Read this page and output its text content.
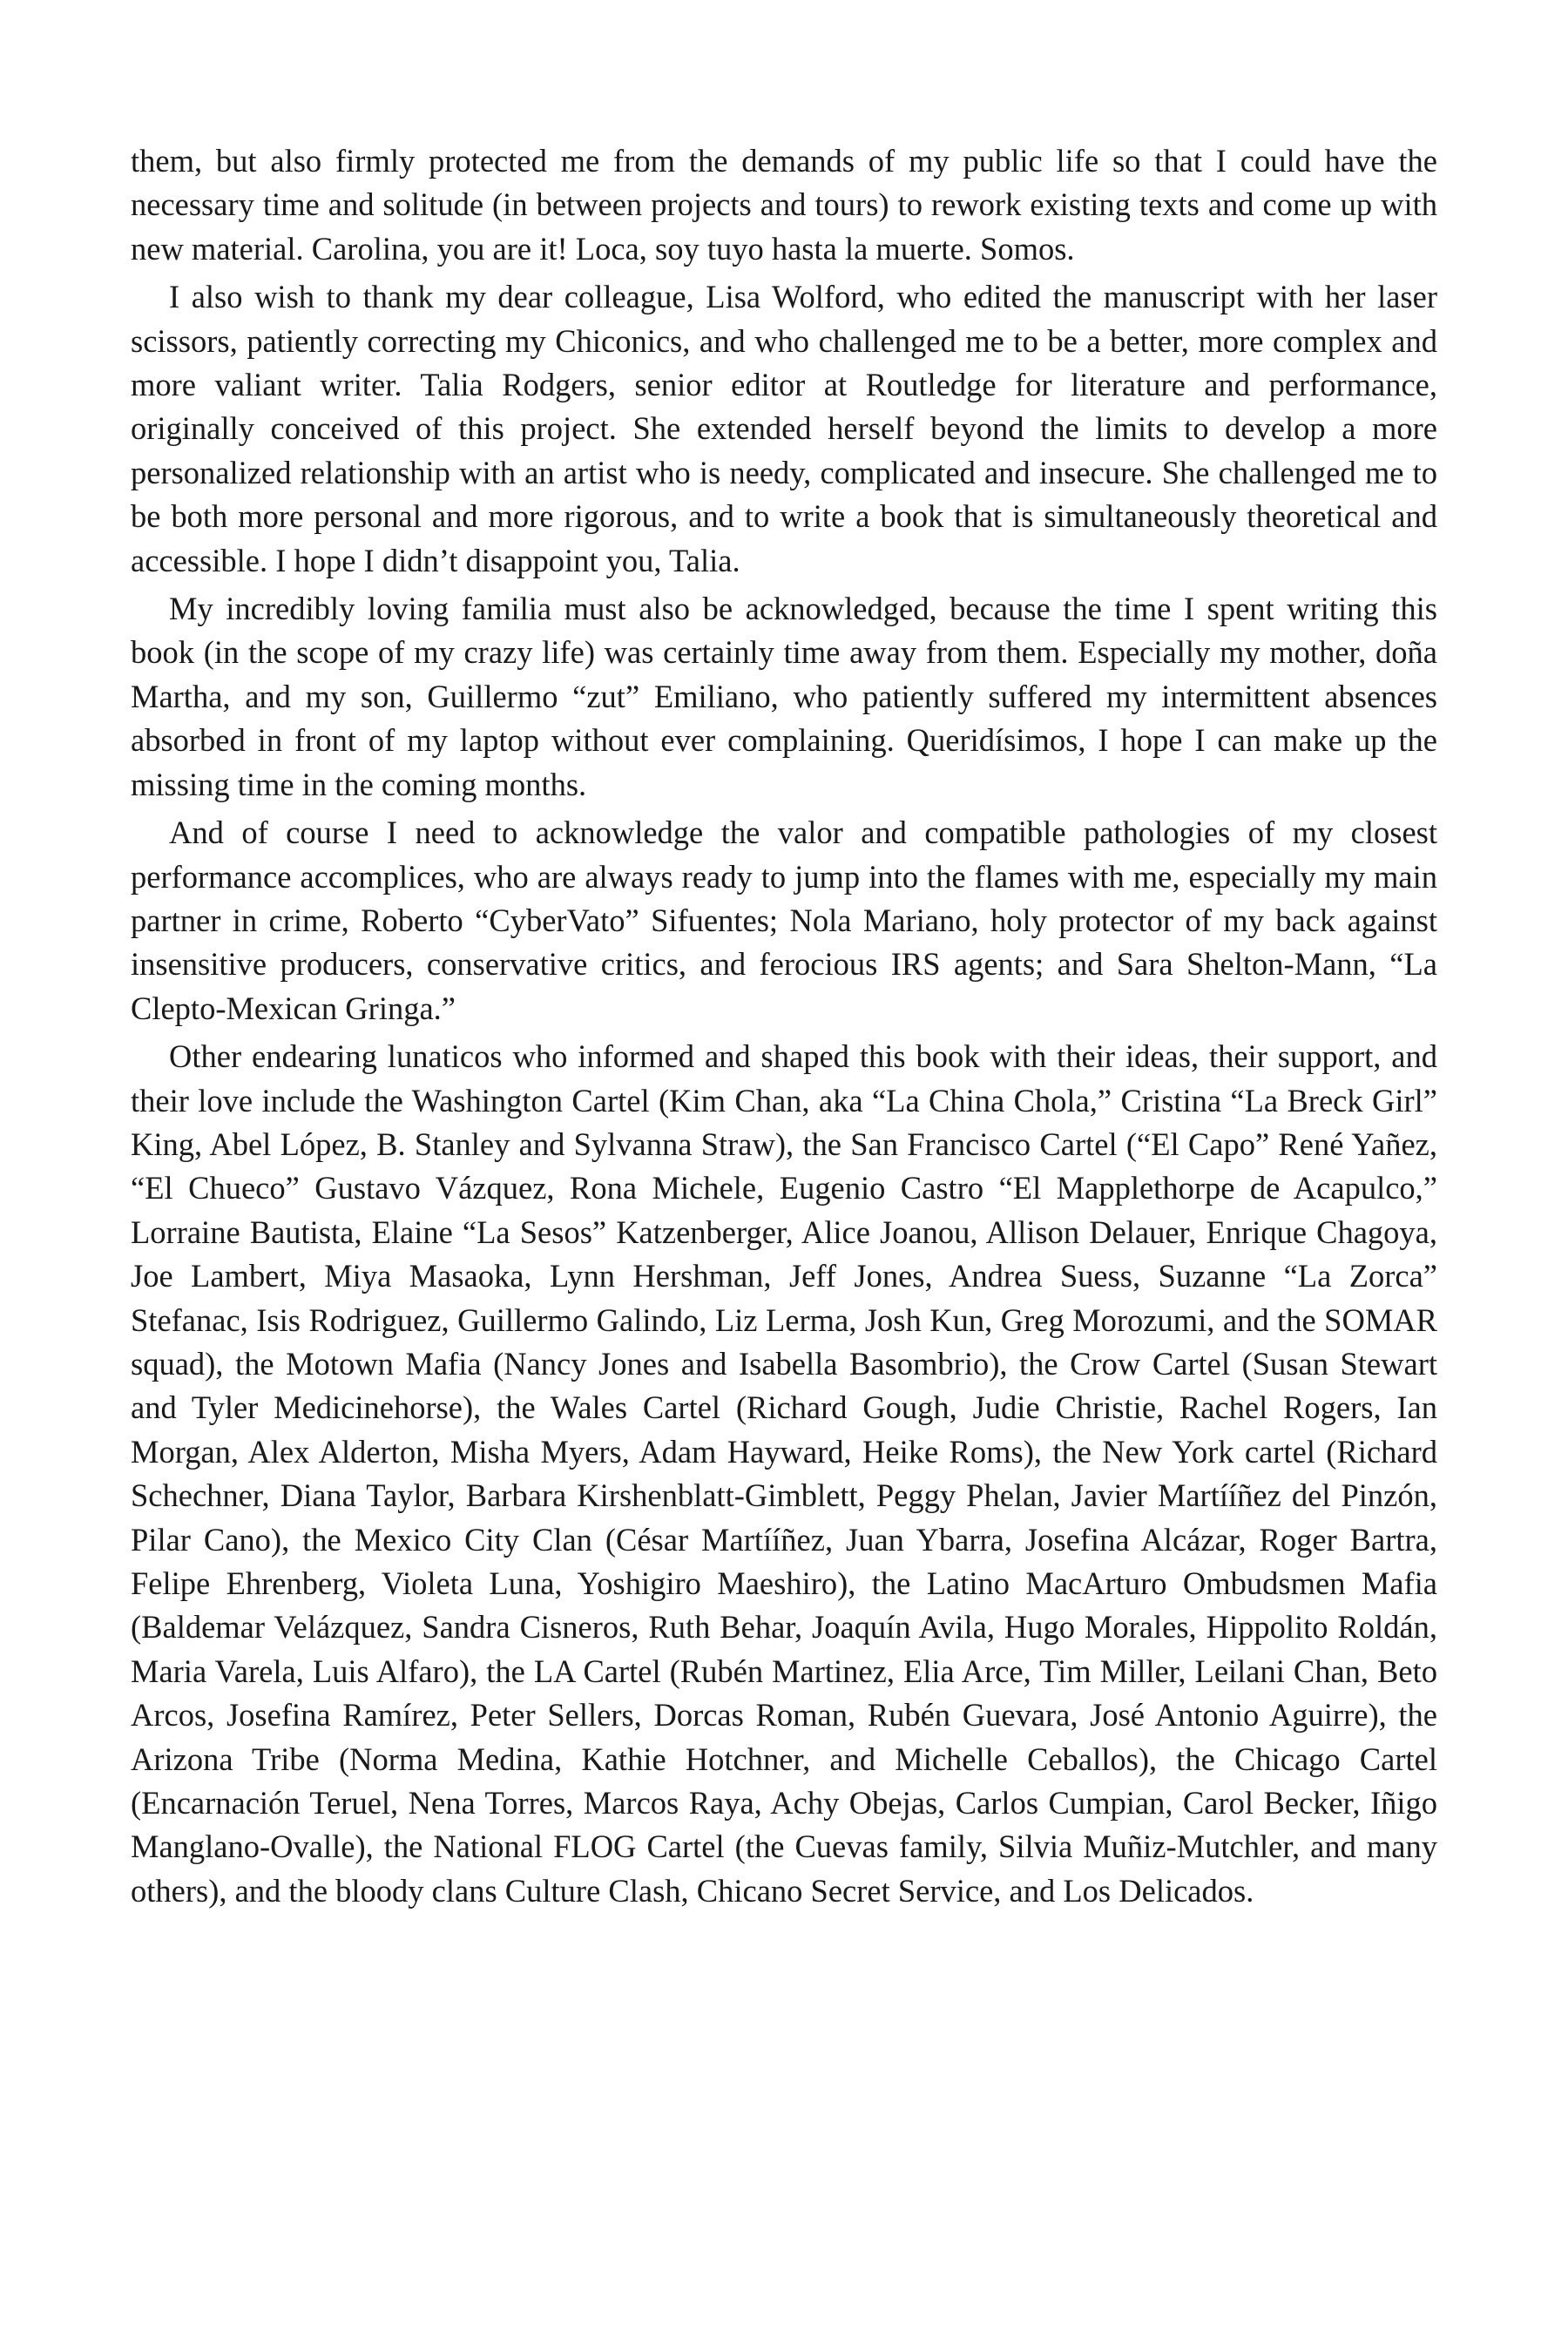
them, but also firmly protected me from the demands of my public life so that I could have the necessary time and solitude (in between projects and tours) to rework existing texts and come up with new material. Carolina, you are it! Loca, soy tuyo hasta la muerte. Somos.

I also wish to thank my dear colleague, Lisa Wolford, who edited the manuscript with her laser scissors, patiently correcting my Chiconics, and who challenged me to be a better, more complex and more valiant writer. Talia Rodgers, senior editor at Routledge for literature and performance, originally conceived of this project. She extended herself beyond the limits to develop a more personalized relationship with an artist who is needy, complicated and insecure. She challenged me to be both more personal and more rigorous, and to write a book that is simultaneously theoretical and accessible. I hope I didn’t disappoint you, Talia.

My incredibly loving familia must also be acknowledged, because the time I spent writing this book (in the scope of my crazy life) was certainly time away from them. Especially my mother, doña Martha, and my son, Guillermo “zut” Emiliano, who patiently suffered my intermittent absences absorbed in front of my laptop without ever complaining. Queridísimos, I hope I can make up the missing time in the coming months.

And of course I need to acknowledge the valor and compatible pathologies of my closest performance accomplices, who are always ready to jump into the flames with me, especially my main partner in crime, Roberto “CyberVato” Sifuentes; Nola Mariano, holy protector of my back against insensitive producers, conservative critics, and ferocious IRS agents; and Sara Shelton-Mann, “La Clepto-Mexican Gringa.”

Other endearing lunaticos who informed and shaped this book with their ideas, their support, and their love include the Washington Cartel (Kim Chan, aka “La China Chola,” Cristina “La Breck Girl” King, Abel López, B. Stanley and Sylvanna Straw), the San Francisco Cartel (“El Capo” René Yañez, “El Chueco” Gustavo Vázquez, Rona Michele, Eugenio Castro “El Mapplethorpe de Acapulco,” Lorraine Bautista, Elaine “La Sesos” Katzenberger, Alice Joanou, Allison Delauer, Enrique Chagoya, Joe Lambert, Miya Masaoka, Lynn Hershman, Jeff Jones, Andrea Suess, Suzanne “La Zorca” Stefanac, Isis Rodriguez, Guillermo Galindo, Liz Lerma, Josh Kun, Greg Morozumi, and the SOMAR squad), the Motown Mafia (Nancy Jones and Isabella Basombrio), the Crow Cartel (Susan Stewart and Tyler Medicinehorse), the Wales Cartel (Richard Gough, Judie Christie, Rachel Rogers, Ian Morgan, Alex Alderton, Misha Myers, Adam Hayward, Heike Roms), the New York cartel (Richard Schechner, Diana Taylor, Barbara Kirshenblatt-Gimblett, Peggy Phelan, Javier Martííñez del Pinzón, Pilar Cano), the Mexico City Clan (César Martííñez, Juan Ybarra, Josefina Alcázar, Roger Bartra, Felipe Ehrenberg, Violeta Luna, Yoshigiro Maeshiro), the Latino MacArturo Ombudsmen Mafia (Baldemar Velázquez, Sandra Cisneros, Ruth Behar, Joaquín Avila, Hugo Morales, Hippolito Roldán, Maria Varela, Luis Alfaro), the LA Cartel (Rubén Martinez, Elia Arce, Tim Miller, Leilani Chan, Beto Arcos, Josefina Ramírez, Peter Sellers, Dorcas Roman, Rubén Guevara, José Antonio Aguirre), the Arizona Tribe (Norma Medina, Kathie Hotchner, and Michelle Ceballos), the Chicago Cartel (Encarnación Teruel, Nena Torres, Marcos Raya, Achy Obejas, Carlos Cumpian, Carol Becker, Iñigo Manglano-Ovalle), the National FLOG Cartel (the Cuevas family, Silvia Muñiz-Mutchler, and many others), and the bloody clans Culture Clash, Chicano Secret Service, and Los Delicados.
